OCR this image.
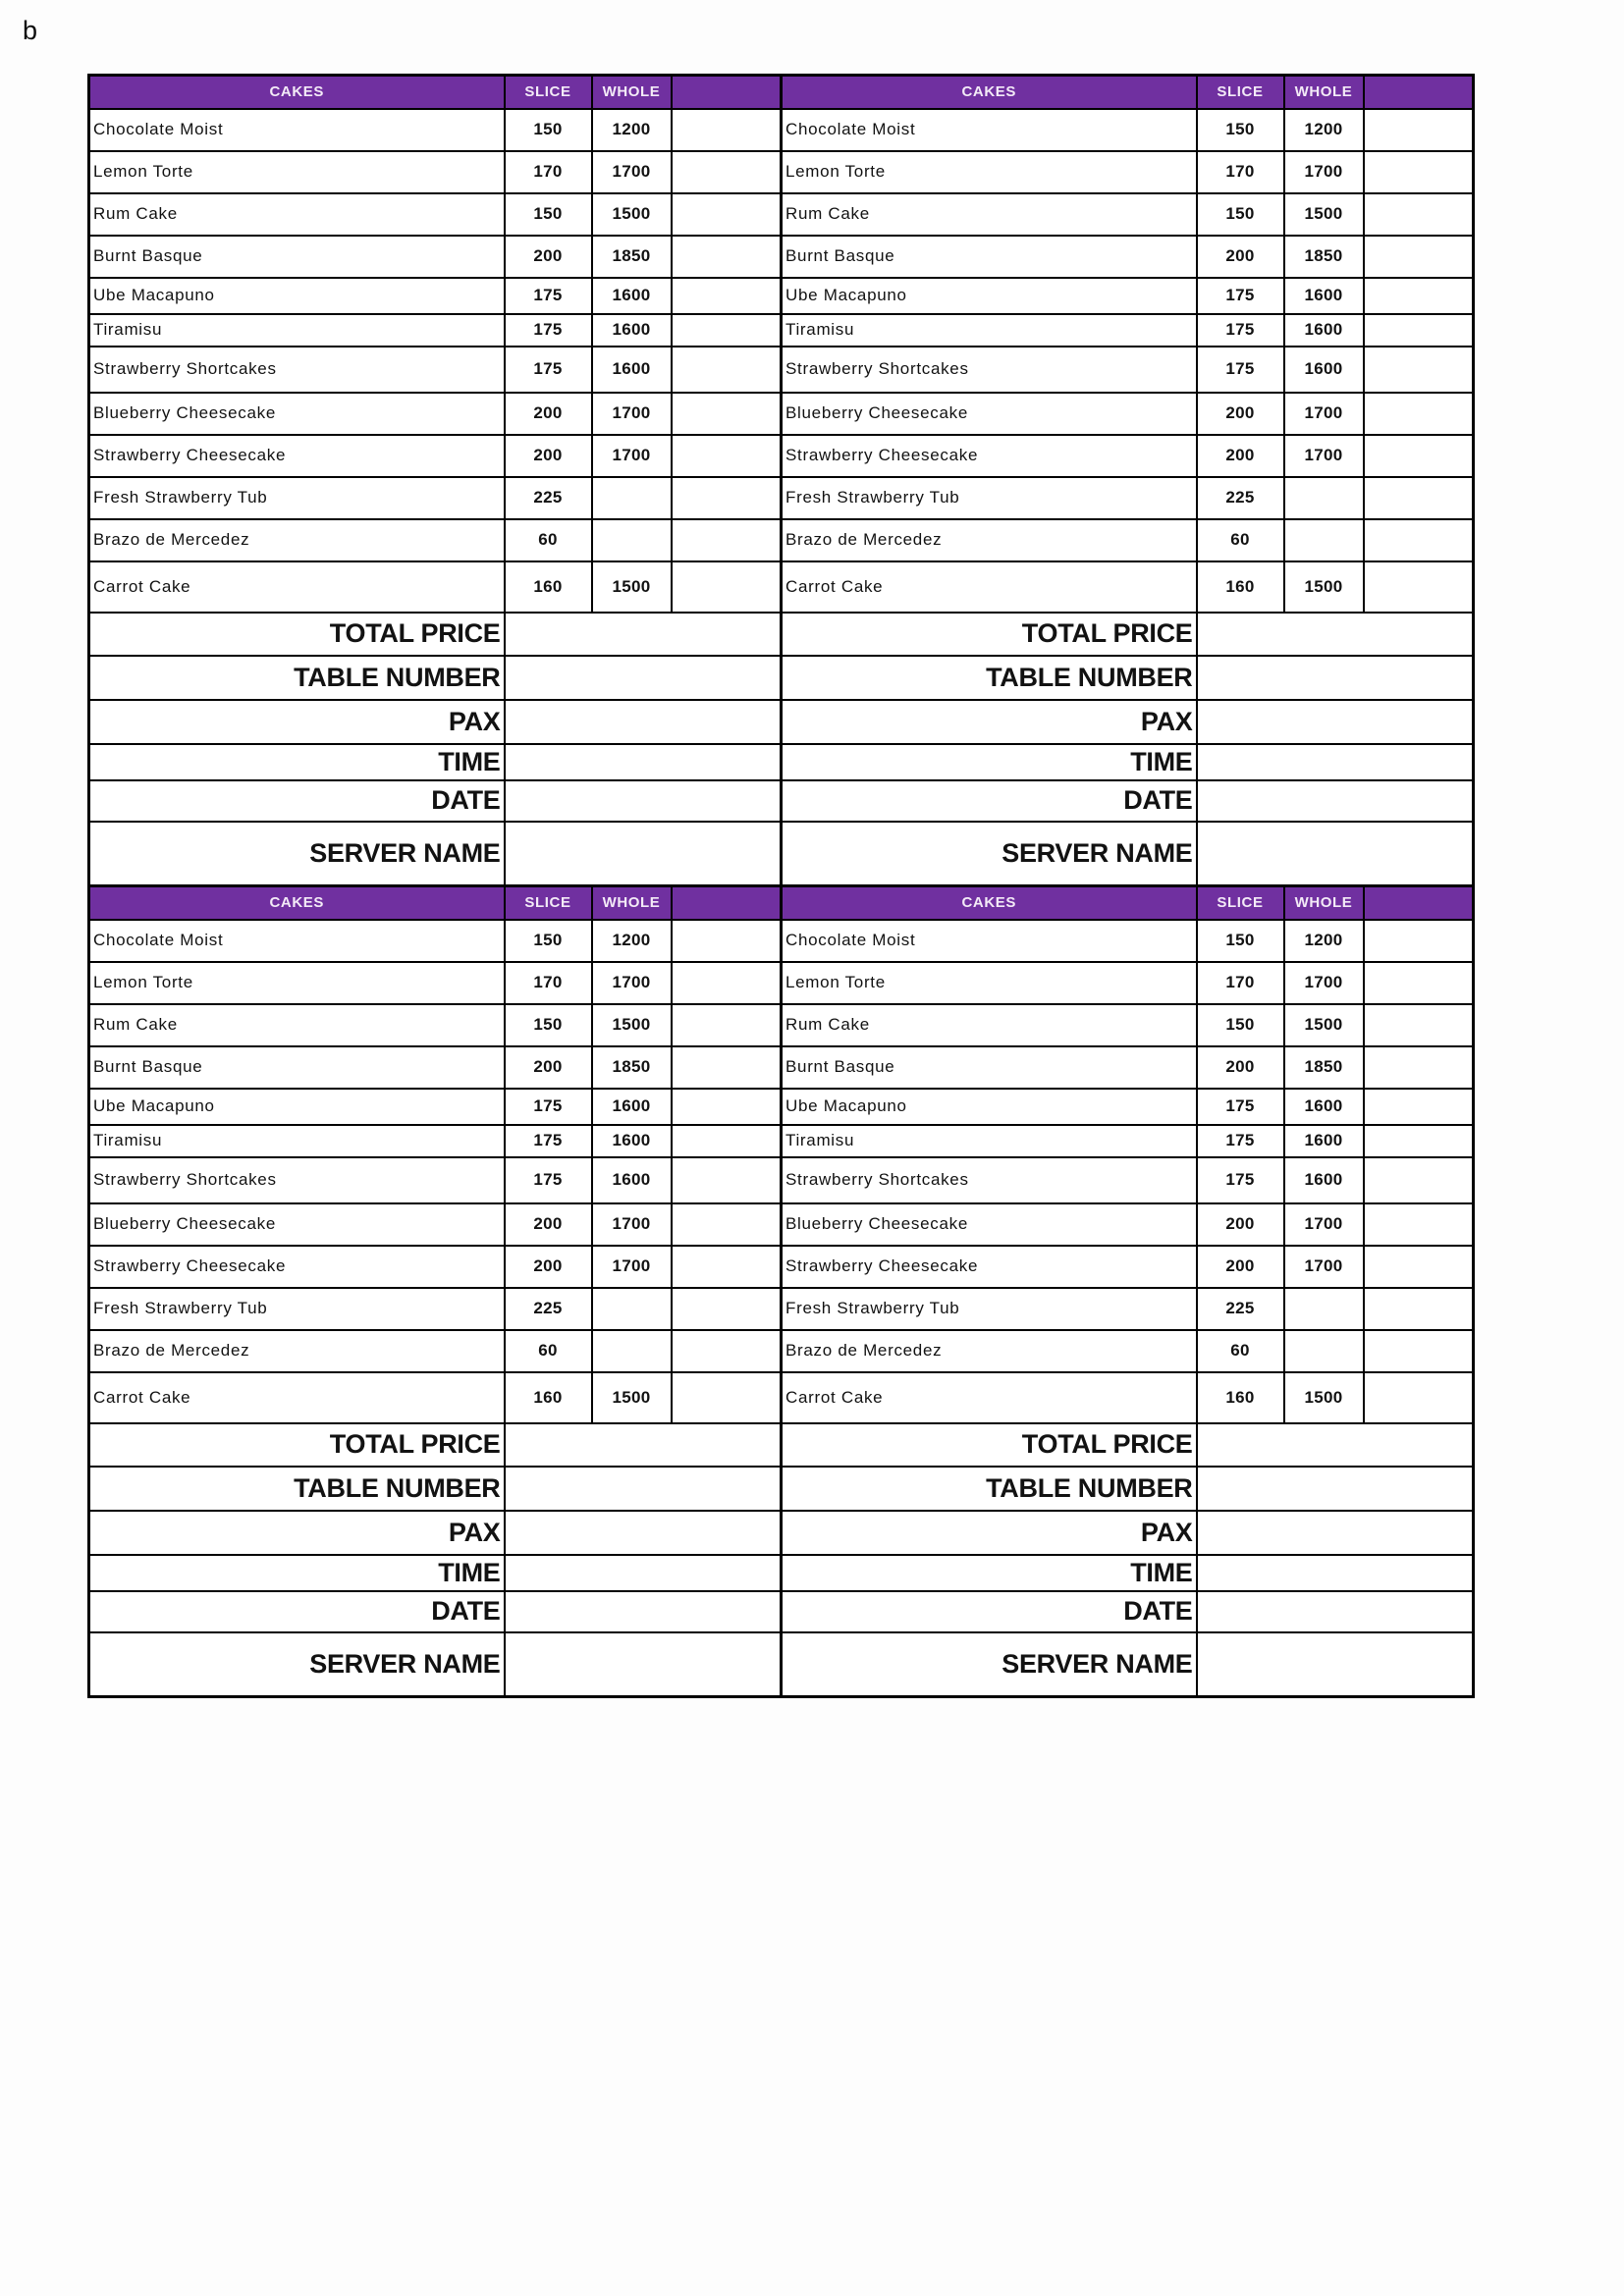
b
CAKES	SLICE	WHOLE	
Chocolate Moist	150	1200	
Lemon Torte	170	1700	
Rum Cake	150	1500	
Burnt Basque	200	1850	
Ube Macapuno	175	1600	
Tiramisu	175	1600	
Strawberry Shortcakes	175	1600	
Blueberry Cheesecake	200	1700	
Strawberry Cheesecake	200	1700	
Fresh Strawberry Tub	225		
Brazo de Mercedez	60		
Carrot Cake	160	1500	
TOTAL PRICE			
TABLE NUMBER			
PAX			
TIME			
DATE			
SERVER NAME			
CAKES	SLICE	WHOLE	
Chocolate Moist	150	1200	
Lemon Torte	170	1700	
Rum Cake	150	1500	
Burnt Basque	200	1850	
Ube Macapuno	175	1600	
Tiramisu	175	1600	
Strawberry Shortcakes	175	1600	
Blueberry Cheesecake	200	1700	
Strawberry Cheesecake	200	1700	
Fresh Strawberry Tub	225		
Brazo de Mercedez	60		
Carrot Cake	160	1500	
TOTAL PRICE			
TABLE NUMBER			
PAX			
TIME			
DATE			
SERVER NAME			
CAKES	SLICE	WHOLE	
Chocolate Moist	150	1200	
Lemon Torte	170	1700	
Rum Cake	150	1500	
Burnt Basque	200	1850	
Ube Macapuno	175	1600	
Tiramisu	175	1600	
Strawberry Shortcakes	175	1600	
Blueberry Cheesecake	200	1700	
Strawberry Cheesecake	200	1700	
Fresh Strawberry Tub	225		
Brazo de Mercedez	60		
Carrot Cake	160	1500	
TOTAL PRICE			
TABLE NUMBER			
PAX			
TIME			
DATE			
SERVER NAME			
CAKES	SLICE	WHOLE	
Chocolate Moist	150	1200	
Lemon Torte	170	1700	
Rum Cake	150	1500	
Burnt Basque	200	1850	
Ube Macapuno	175	1600	
Tiramisu	175	1600	
Strawberry Shortcakes	175	1600	
Blueberry Cheesecake	200	1700	
Strawberry Cheesecake	200	1700	
Fresh Strawberry Tub	225		
Brazo de Mercedez	60		
Carrot Cake	160	1500	
TOTAL PRICE			
TABLE NUMBER			
PAX			
TIME			
DATE			
SERVER NAME			
